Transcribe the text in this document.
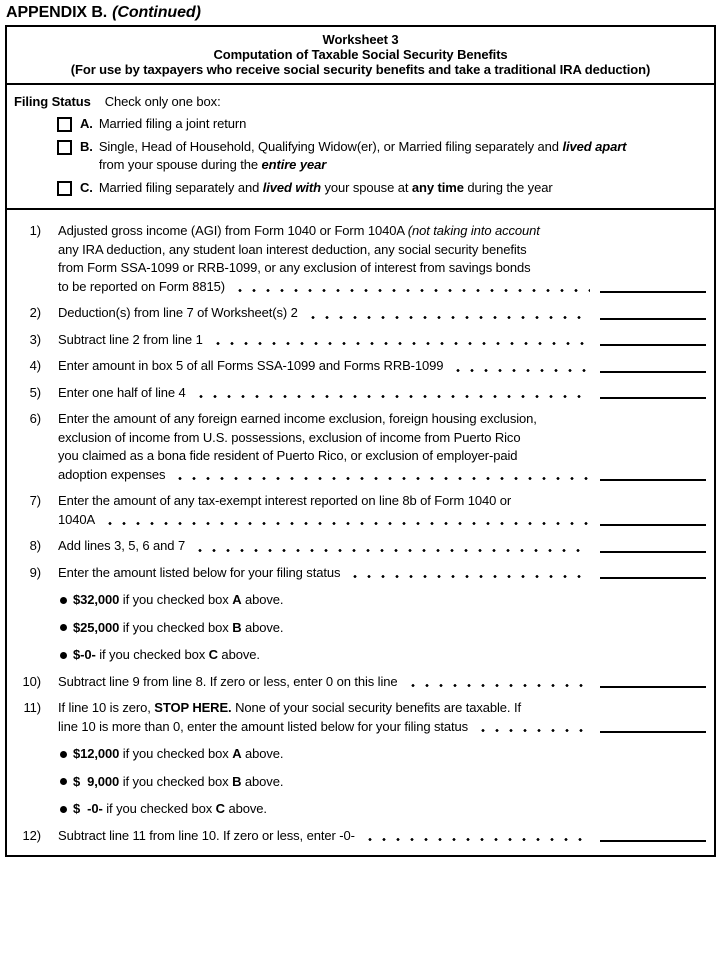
APPENDIX B. (Continued)
Worksheet 3
Computation of Taxable Social Security Benefits
(For use by taxpayers who receive social security benefits and take a traditional IRA deduction)
Filing Status Check only one box:
A. Married filing a joint return
B. Single, Head of Household, Qualifying Widow(er), or Married filing separately and lived apart
from your spouse during the entire year
C. Married filing separately and lived with your spouse at any time during the year
1) Adjusted gross income (AGI) from Form 1040 or Form 1040A (not taking into account
any IRA deduction, any student loan interest deduction, any social security benefits
from Form SSA-1099 or RRB-1099, or any exclusion of interest from savings bonds
to be reported on Form 8815)
2) Deduction(s) from line 7 of Worksheet(s) 2
3) Subtract line 2 from line 1
4) Enter amount in box 5 of all Forms SSA-1099 and Forms RRB-1099
5) Enter one half of line 4
6) Enter the amount of any foreign earned income exclusion, foreign housing exclusion,
exclusion of income from U.S. possessions, exclusion of income from Puerto Rico
you claimed as a bona fide resident of Puerto Rico, or exclusion of employer-paid
adoption expenses
7) Enter the amount of any tax-exempt interest reported on line 8b of Form 1040 or
1040A
8) Add lines 3, 5, 6 and 7
9) Enter the amount listed below for your filing status
$32,000 if you checked box A above.
$25,000 if you checked box B above.
$-0- if you checked box C above.
10) Subtract line 9 from line 8. If zero or less, enter 0 on this line
11) If line 10 is zero, STOP HERE. None of your social security benefits are taxable. If
line 10 is more than 0, enter the amount listed below for your filing status
$12,000 if you checked box A above.
$  9,000 if you checked box B above.
$  -0- if you checked box C above.
12) Subtract line 11 from line 10. If zero or less, enter -0-
